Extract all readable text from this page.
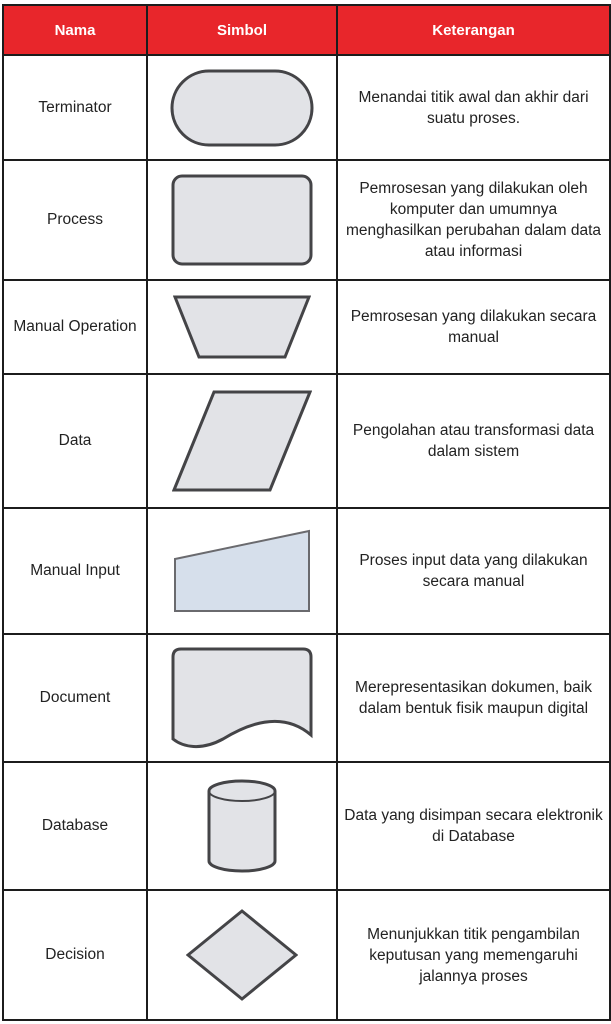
Nama	Simbol	Keterangan
Terminator		Menandai titik awal dan akhir dari suatu proses.
Process		Pemrosesan yang dilakukan oleh komputer dan umumnya menghasilkan perubahan dalam data atau informasi
Manual Operation		Pemrosesan yang dilakukan secara manual
Data		Pengolahan atau transformasi data dalam sistem
Manual Input		Proses input data yang dilakukan secara manual
Document		Merepresentasikan dokumen, baik dalam bentuk fisik maupun digital
Database		Data yang disimpan secara elektronik di Database
Decision		Menunjukkan titik pengambilan keputusan yang memengaruhi jalannya proses
